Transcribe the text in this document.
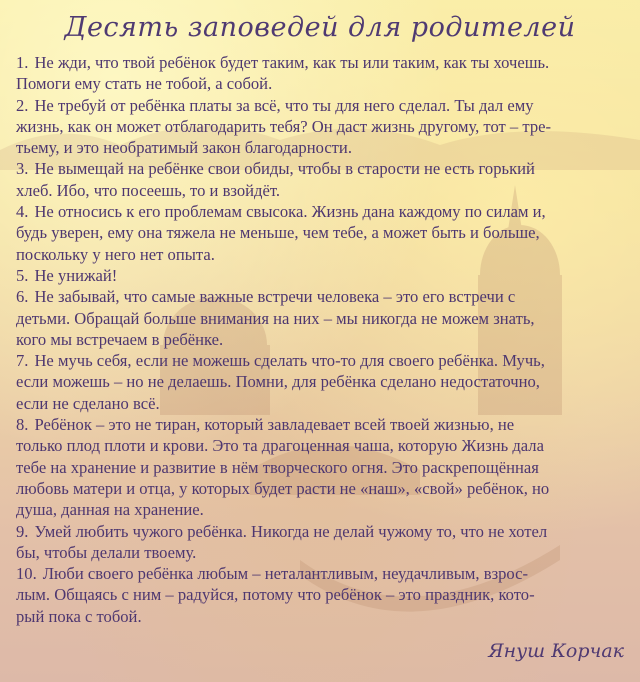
Десять заповедей для родителей
1. Не жди, что твой ребёнок будет таким, как ты или таким, как ты хочешь.
Помоги ему стать не тобой, а собой.
2. Не требуй от ребёнка платы за всё, что ты для него сделал. Ты дал ему
жизнь, как он может отблагодарить тебя? Он даст жизнь другому, тот – тре-
тьему, и это необратимый закон благодарности.
3. Не вымещай на ребёнке свои обиды, чтобы в старости не есть горький
хлеб. Ибо, что посеешь, то и взойдёт.
4. Не относись к его проблемам свысока. Жизнь дана каждому по силам и,
будь уверен, ему она тяжела не меньше, чем тебе, а может быть и больше,
поскольку у него нет опыта.
5. Не унижай!
6. Не забывай, что самые важные встречи человека – это его встречи с
детьми. Обращай больше внимания на них – мы никогда не можем знать,
кого мы встречаем в ребёнке.
7. Не мучь себя, если не можешь сделать что-то для своего ребёнка. Мучь,
если можешь – но не делаешь. Помни, для ребёнка сделано недостаточно,
если не сделано всё.
8. Ребёнок – это не тиран, который завладевает всей твоей жизнью, не
только плод плоти и крови. Это та драгоценная чаша, которую Жизнь дала
тебе на хранение и развитие в нём творческого огня. Это раскрепощённая
любовь матери и отца, у которых будет расти не «наш», «свой» ребёнок, но
душа, данная на хранение.
9. Умей любить чужого ребёнка. Никогда не делай чужому то, что не хотел
бы, чтобы делали твоему.
10. Люби своего ребёнка любым – неталантливым, неудачливым, взрос-
лым. Общаясь с ним – радуйся, потому что ребёнок – это праздник, кото-
рый пока с тобой.
Януш Корчак
